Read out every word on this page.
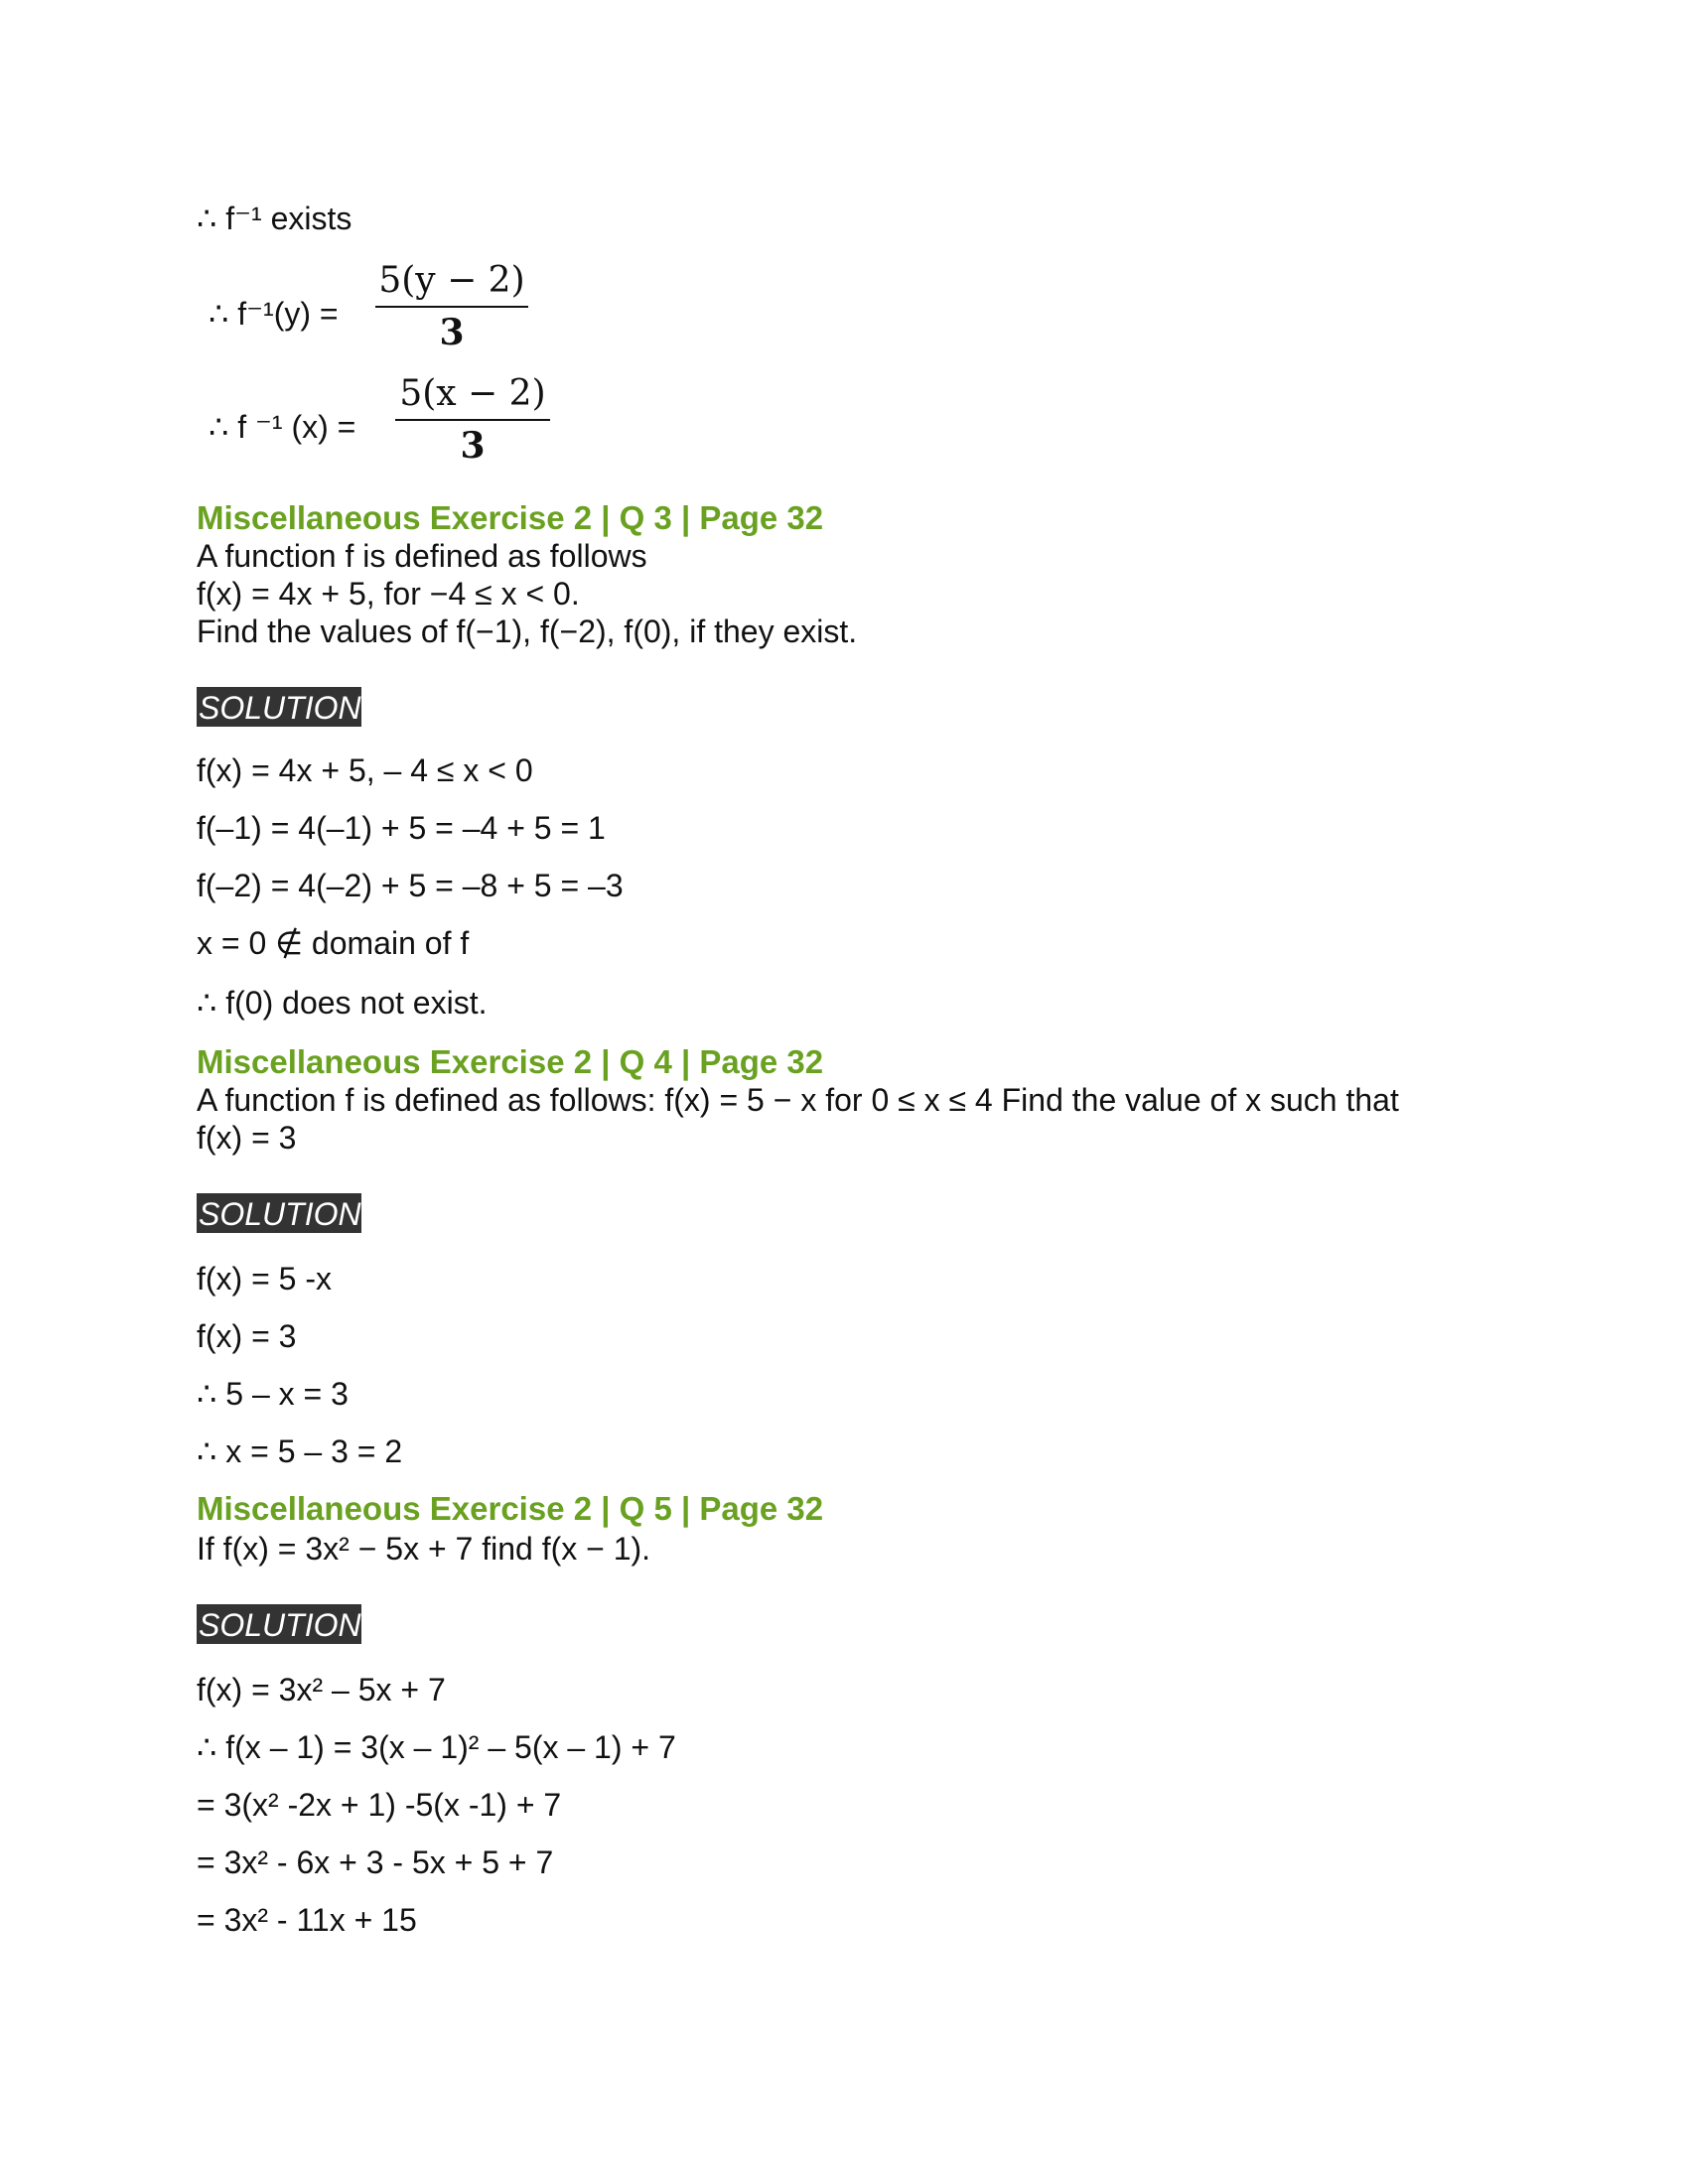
∴ f⁻¹ exists
∴ f⁻¹(y) =
5(y − 2)
3
∴ f ⁻¹ (x) =
5(x − 2)
3
Miscellaneous Exercise 2 | Q 3 | Page 32
A function f is defined as follows
f(x) = 4x + 5, for −4 ≤ x < 0.
Find the values of f(−1), f(−2), f(0), if they exist.
SOLUTION
f(x) = 4x + 5, – 4 ≤ x < 0
f(–1) = 4(–1) + 5 = –4 + 5 = 1
f(–2) = 4(–2) + 5 = –8 + 5 = –3
x = 0 ∉ domain of f
∴ f(0) does not exist.
Miscellaneous Exercise 2 | Q 4 | Page 32
A function f is defined as follows: f(x) = 5 − x for 0 ≤ x ≤ 4 Find the value of x such that
f(x) = 3
SOLUTION
f(x) = 5 -x
f(x) = 3
∴ 5 – x = 3
∴ x = 5 – 3 = 2
Miscellaneous Exercise 2 | Q 5 | Page 32
If f(x) = 3x² − 5x + 7 find f(x − 1).
SOLUTION
f(x) = 3x² – 5x + 7
∴ f(x – 1) = 3(x – 1)² – 5(x – 1) + 7
= 3(x² -2x + 1) -5(x -1) + 7
= 3x² - 6x + 3 - 5x + 5 + 7
= 3x² - 11x + 15
